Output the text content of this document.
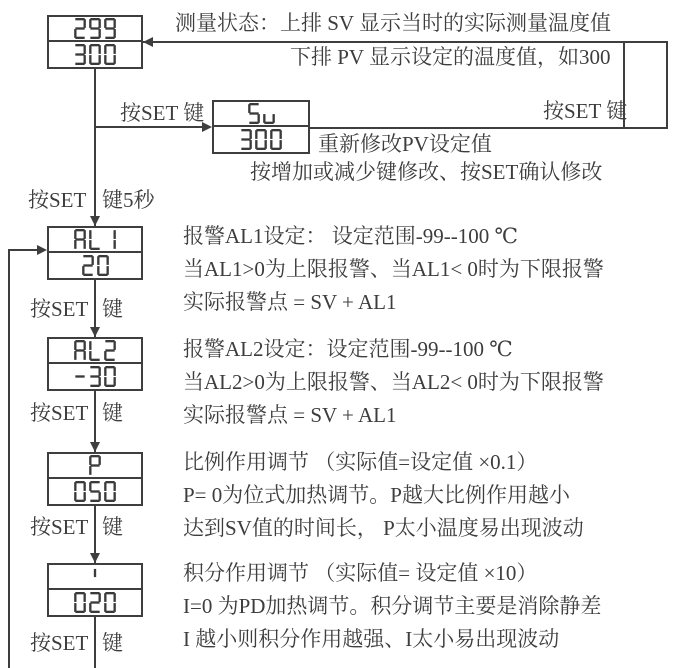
按SET 键	按SET 键
按SET 键5秒
按SET 键
按SET 键
按SET 键
按SET 键
测量状态：上排 SV 显示当时的实际测量温度值
下排 PV 显示设定的温度值，如300
重新修改PV设定值
按增加或减少键修改、按SET确认修改
报警AL1设定： 设定范围-99--100 ℃
当AL1>0为上限报警、当AL1< 0时为下限报警
实际报警点 = SV + AL1
报警AL2设定：设定范围-99--100 ℃
当AL2>0为上限报警、当AL2< 0时为下限报警
实际报警点 = SV + AL1
比例作用调节 （实际值=设定值 ×0.1）
P= 0为位式加热调节。P越大比例作用越小
达到SV值的时间长， P太小温度易出现波动
积分作用调节 （实际值= 设定值 ×10）
I=0 为PD加热调节。积分调节主要是消除静差
I 越小则积分作用越强、I太小易出现波动
